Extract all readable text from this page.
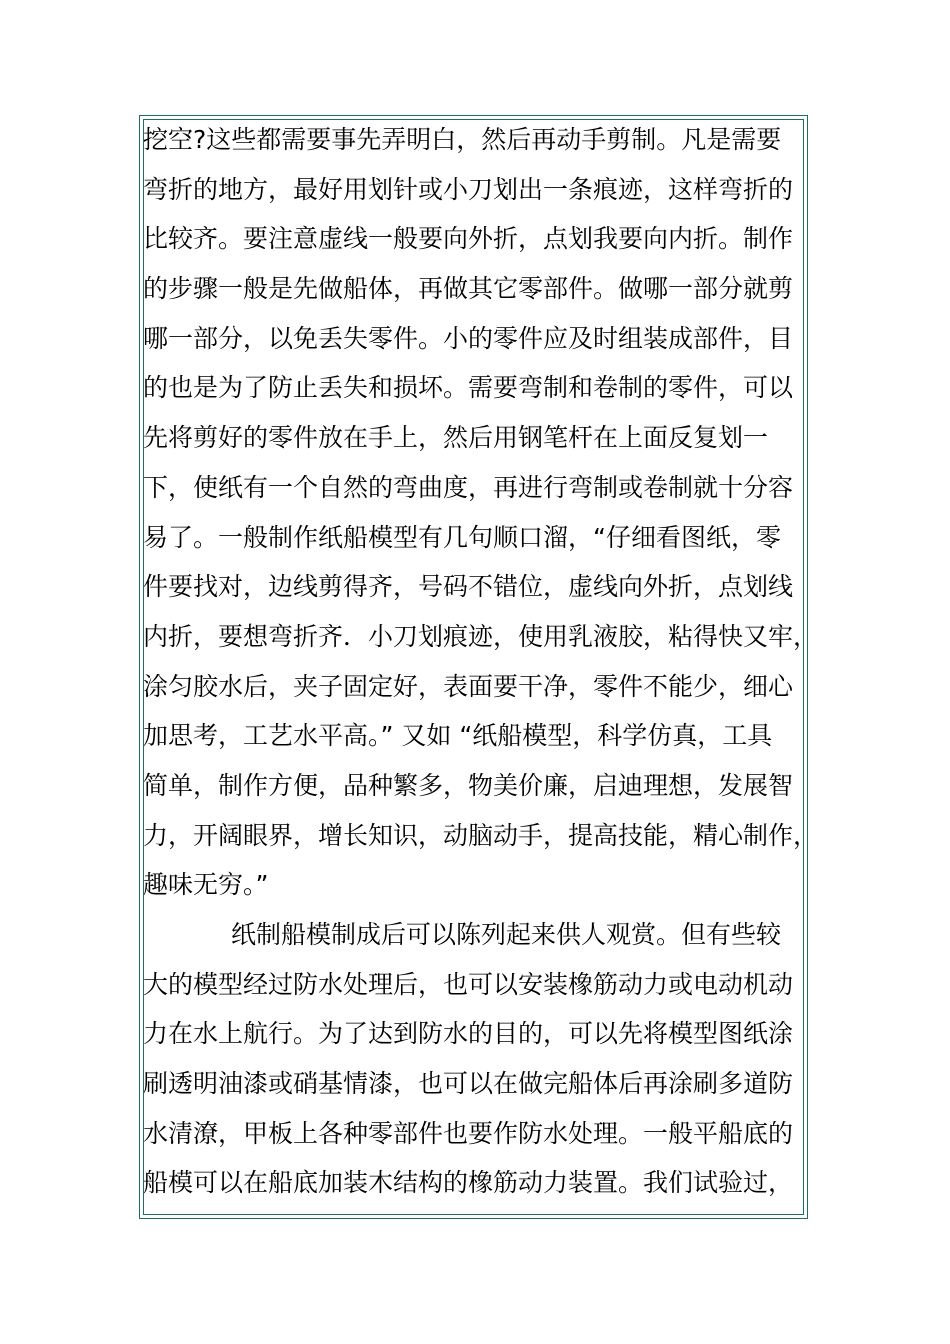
挖空?这些都需要事先弄明白，然后再动手剪制。凡是需要
弯折的地方，最好用划针或小刀划出一条痕迹，这样弯折的
比较齐。要注意虚线一般要向外折，点划我要向内折。制作
的步骤一般是先做船体，再做其它零部件。做哪一部分就剪
哪一部分，以免丢失零件。小的零件应及时组装成部件，目
的也是为了防止丢失和损坏。需要弯制和卷制的零件，可以
先将剪好的零件放在手上，然后用钢笔杆在上面反复划一
下，使纸有一个自然的弯曲度，再进行弯制或卷制就十分容
易了。一般制作纸船模型有几句顺口溜，“仔细看图纸，零
件要找对，边线剪得齐，号码不错位，虚线向外折，点划线
内折，要想弯折齐．小刀划痕迹，使用乳液胶，粘得快又牢，
涂匀胶水后，夹子固定好，表面要干净，零件不能少，细心
加思考，工艺水平高。” 又如 “纸船模型，科学仿真，工具
简单，制作方便，品种繁多，物美价廉，启迪理想，发展智
力，开阔眼界，增长知识，动脑动手，提高技能，精心制作，
趣味无穷。”
纸制船模制成后可以陈列起来供人观赏。但有些较
大的模型经过防水处理后，也可以安装橡筋动力或电动机动
力在水上航行。为了达到防水的目的，可以先将模型图纸涂
刷透明油漆或硝基情漆，也可以在做完船体后再涂刷多道防
水清潦，甲板上各种零部件也要作防水处理。一般平船底的
船模可以在船底加装木结构的橡筋动力装置。我们试验过，
